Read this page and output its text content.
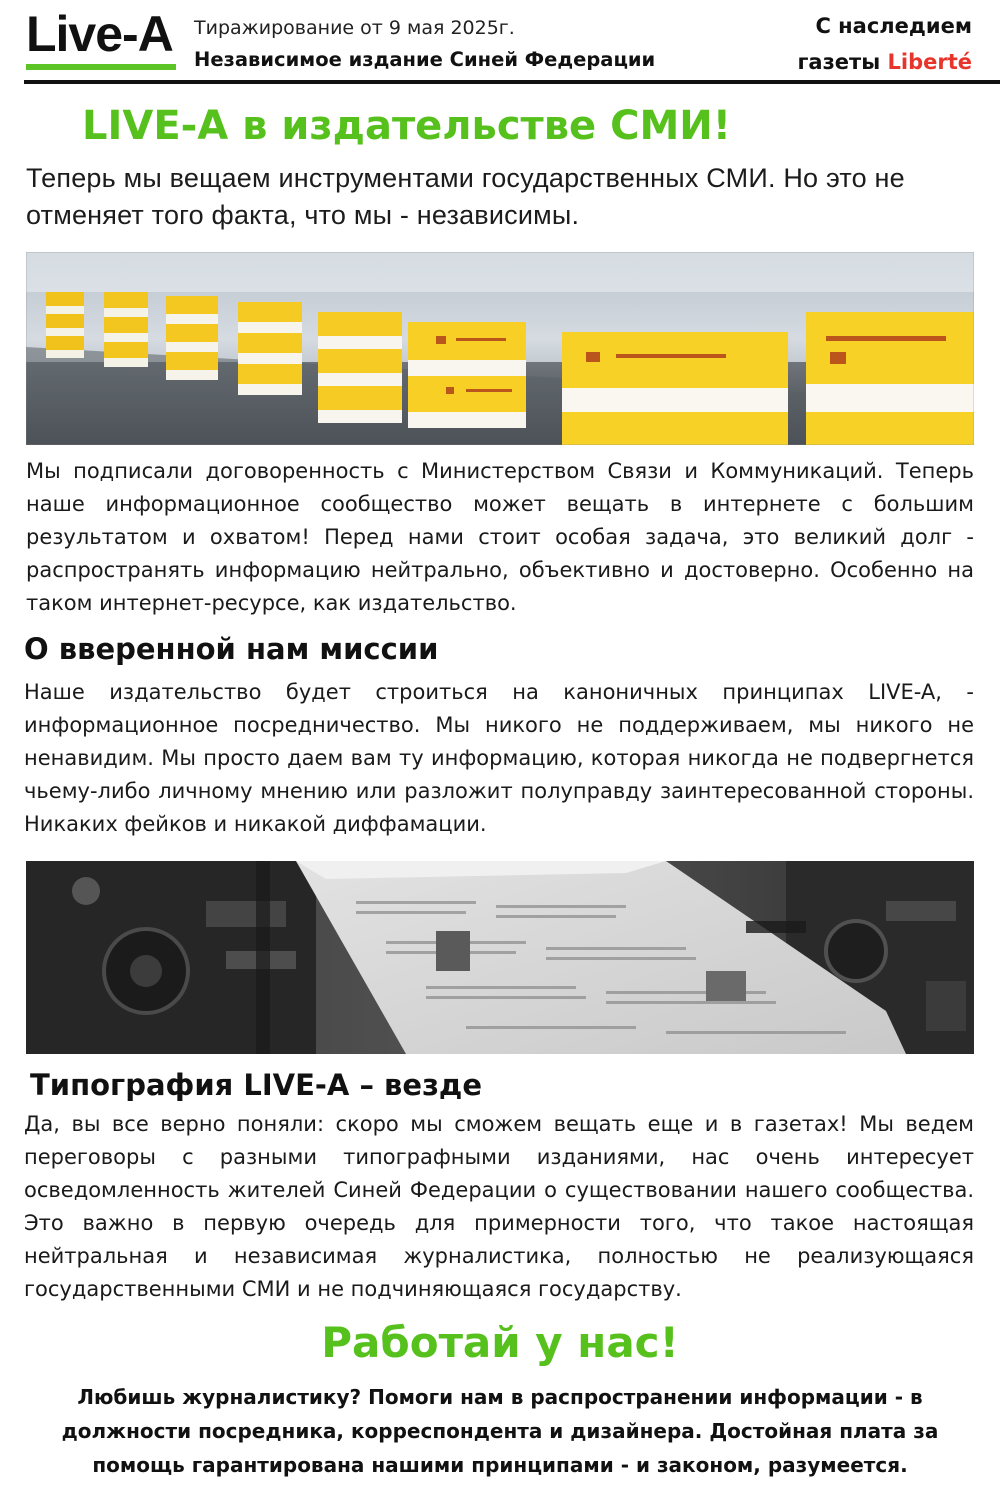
Live-A Тиражирование от 9 мая 2025г.
Независимое издание Синей Федерации
С наследием
газеты Liberté
LIVE-A в издательстве СМИ!
Теперь мы вещаем инструментами государственных СМИ. Но это не отменяет того факта, что мы - независимы.
Мы подписали договоренность с Министерством Связи и Коммуникаций. Теперь наше информационное сообщество может вещать в интернете с большим результатом и охватом! Перед нами стоит особая задача, это великий долг - распространять информацию нейтрально, объективно и достоверно. Особенно на таком интернет-ресурсе, как издательство.
О вверенной нам миссии
Наше издательство будет строиться на каноничных принципах LIVE-A, - информационное посредничество. Мы никого не поддерживаем, мы никого не ненавидим. Мы просто даем вам ту информацию, которая никогда не подвергнется чьему-либо личному мнению или разложит полуправду заинтересованной стороны. Никаких фейков и никакой диффамации.
Типография LIVE-A – везде
Да, вы все верно поняли: скоро мы сможем вещать еще и в газетах! Мы ведем переговоры с разными типографными изданиями, нас очень интересует осведомленность жителей Синей Федерации о существовании нашего сообщества. Это важно в первую очередь для примерности того, что такое настоящая нейтральная и независимая журналистика, полностью не реализующаяся государственными СМИ и не подчиняющаяся государству.
Работай у нас!
Любишь журналистику? Помоги нам в распространении информации - в должности посредника, корреспондента и дизайнера. Достойная плата за помощь гарантирована нашими принципами - и законом, разумеется.
